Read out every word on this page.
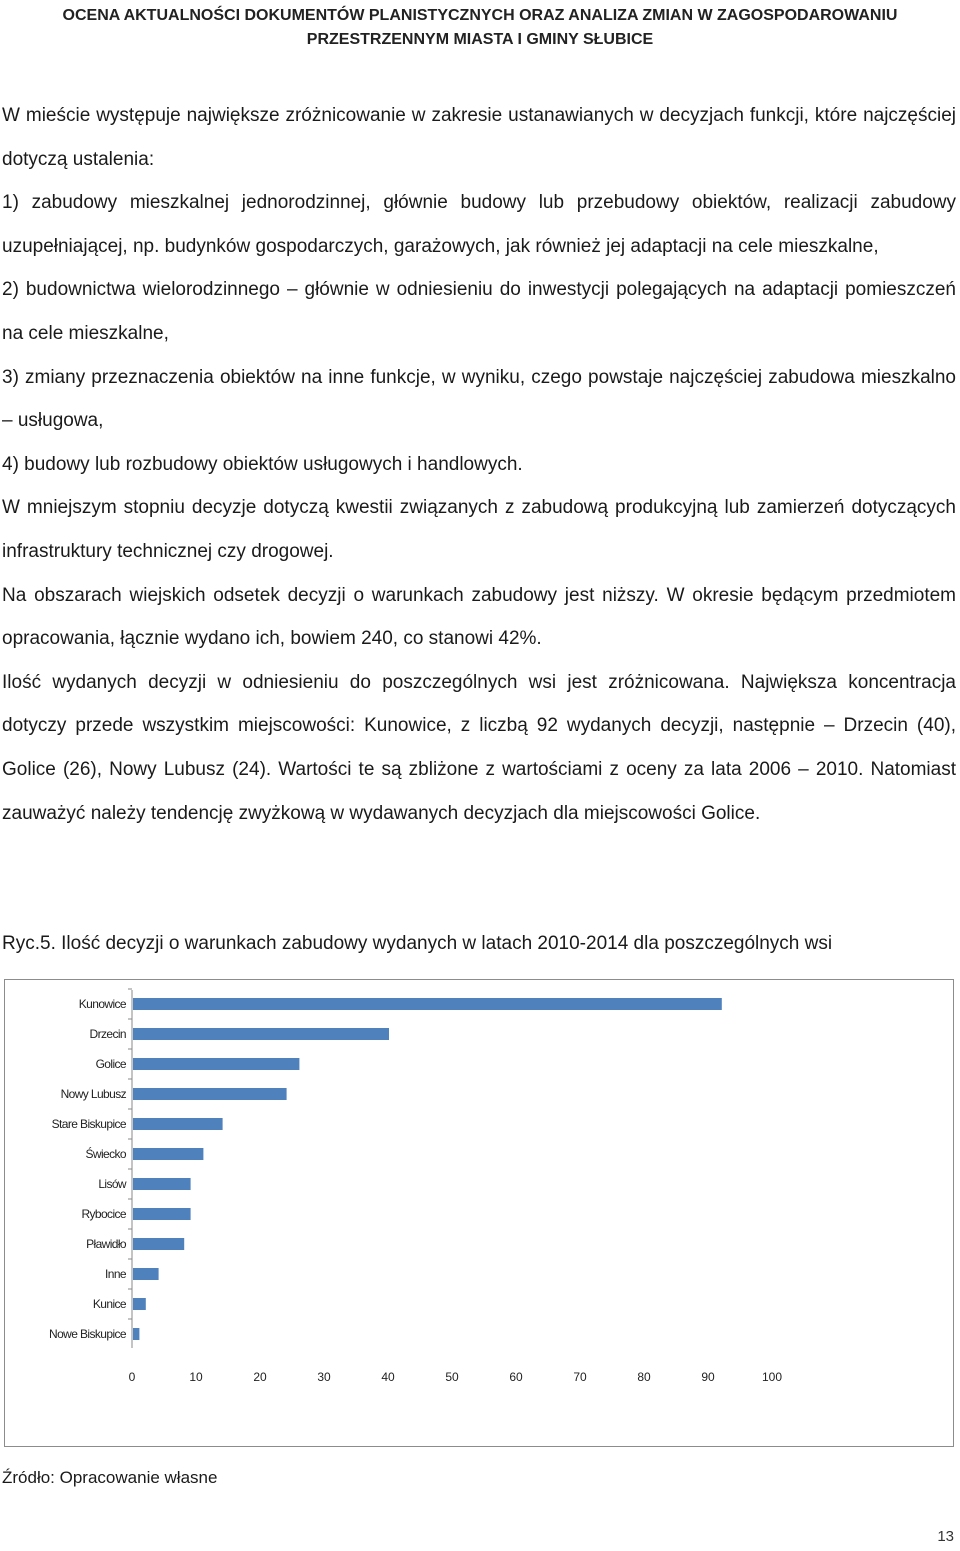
OCENA AKTUALNOŚCI DOKUMENTÓW PLANISTYCZNYCH ORAZ ANALIZA ZMIAN W ZAGOSPODAROWANIU
PRZESTRZENNYM MIASTA I GMINY SŁUBICE

W mieście występuje największe zróżnicowanie w zakresie ustanawianych w decyzjach funkcji, które najczęściej dotyczą ustalenia:

1) zabudowy mieszkalnej jednorodzinnej, głównie budowy lub przebudowy obiektów, realizacji zabudowy uzupełniającej, np. budynków gospodarczych, garażowych, jak również jej adaptacji na cele mieszkalne,

2) budownictwa wielorodzinnego – głównie w odniesieniu do inwestycji polegających na adaptacji pomieszczeń na cele mieszkalne,

3) zmiany przeznaczenia obiektów na inne funkcje, w wyniku, czego powstaje najczęściej zabudowa mieszkalno – usługowa,

4) budowy lub rozbudowy obiektów usługowych i handlowych.

W mniejszym stopniu decyzje dotyczą kwestii związanych z zabudową produkcyjną lub zamierzeń dotyczących infrastruktury technicznej czy drogowej.

Na obszarach wiejskich odsetek decyzji o warunkach zabudowy jest niższy. W okresie będącym przedmiotem opracowania, łącznie wydano ich, bowiem 240, co stanowi 42%.

Ilość wydanych decyzji w odniesieniu do poszczególnych wsi jest zróżnicowana. Największa koncentracja dotyczy przede wszystkim miejscowości: Kunowice, z liczbą 92 wydanych decyzji, następnie – Drzecin (40), Golice (26), Nowy Lubusz (24). Wartości te są zbliżone z wartościami z oceny za lata 2006 – 2010. Natomiast zauważyć należy tendencję zwyżkową w wydawanych decyzjach dla miejscowości Golice.

Ryc.5. Ilość decyzji o warunkach zabudowy wydanych w latach 2010-2014 dla poszczególnych wsi
Kunowice
Drzecin
Golice
Nowy Lubusz
Stare Biskupice
Świecko
Lisów
Rybocice
Pławidło
Inne
Kunice
Nowe Biskupice
0	10	20	30	40	50	60	70	80	90	100
Źródło: Opracowanie własne
13
